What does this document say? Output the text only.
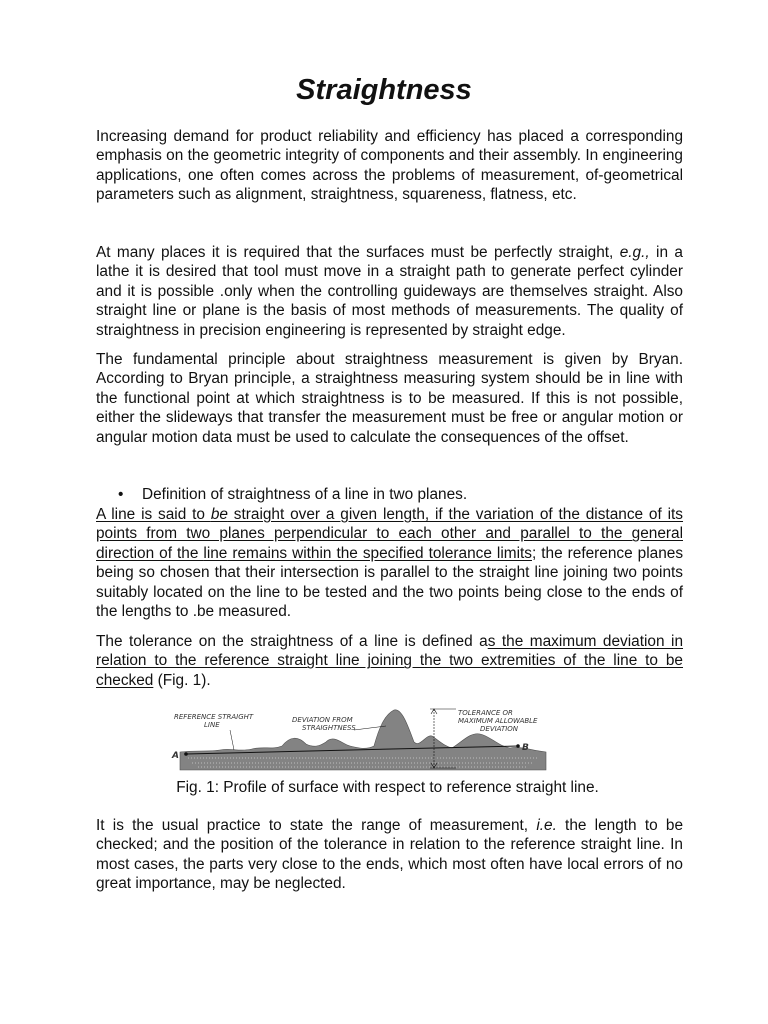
Straightness

Increasing demand for product reliability and efficiency has placed a corresponding emphasis on the geometric integrity of components and their assembly. In engineering applications, one often comes across the problems of measurement, of-geometrical parameters such as alignment, straightness, squareness, flatness, etc.

At many places it is required that the surfaces must be perfectly straight, e.g., in a lathe it is desired that tool must move in a straight path to generate perfect cylinder and it is possible .only when the controlling guideways are themselves straight. Also straight line or plane is the basis of most methods of measurements. The quality of straightness in precision engineering is represented by straight edge.

The fundamental principle about straightness measurement is given by Bryan. According to Bryan principle, a straightness measuring system should be in line with the functional point at which straightness is to be measured. If this is not possible, either the slideways that transfer the measurement must be free or angular motion or angular motion data must be used to calculate the consequences of the offset.

• Definition of straightness of a line in two planes.

A line is said to be straight over a given length, if the variation of the distance of its points from two planes perpendicular to each other and parallel to the general direction of the line remains within the specified tolerance limits; the reference planes being so chosen that their intersection is parallel to the straight line joining two points suitably located on the line to be tested and the two points being close to the ends of the lengths to .be measured.

The tolerance on the straightness of a line is defined as the maximum deviation in relation to the reference straight line joining the two extremities of the line to be checked (Fig. 1).

REFERENCE STRAIGHT
LINE
DEVIATION FROM
STRAIGHTNESS
TOLERANCE OR
MAXIMUM ALLOWABLE
DEVIATION
A
B

Fig. 1: Profile of surface with respect to reference straight line.

It is the usual practice to state the range of measurement, i.e. the length to be checked; and the position of the tolerance in relation to the reference straight line. In most cases, the parts very close to the ends, which most often have local errors of no great importance, may be neglected.
